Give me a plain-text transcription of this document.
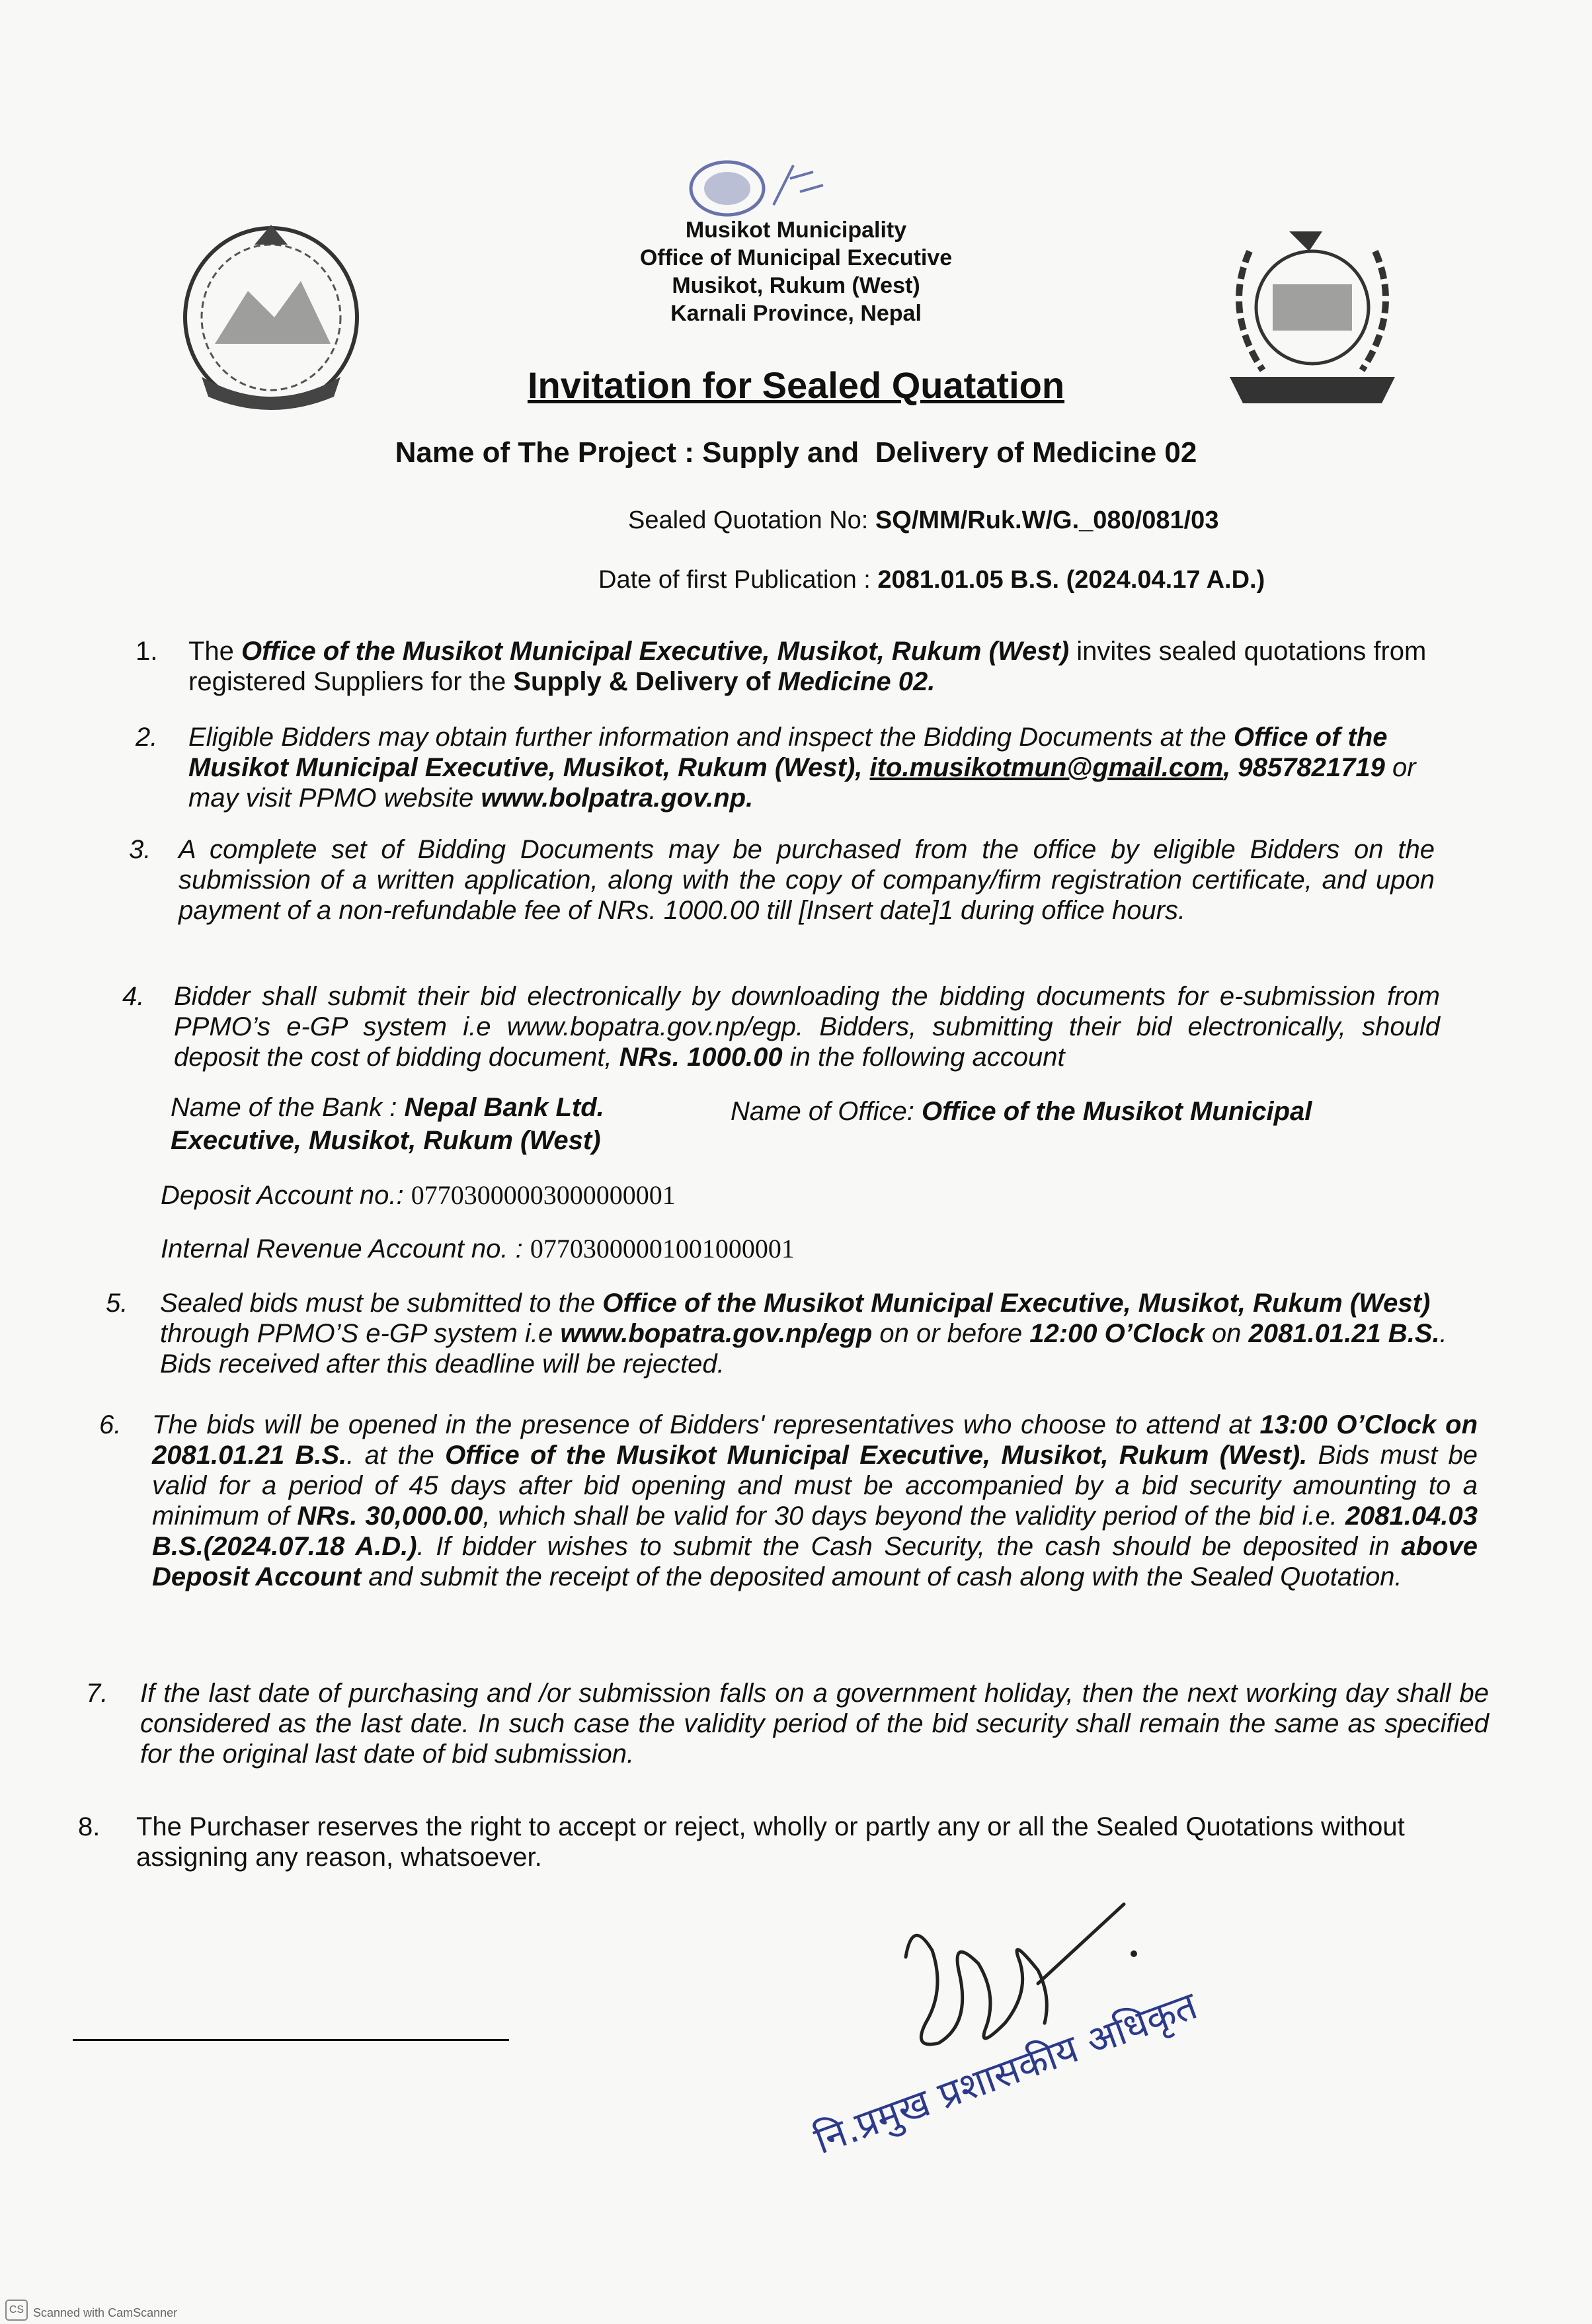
Musikot Municipality
Office of Municipal Executive
Musikot, Rukum (West)
Karnali Province, Nepal
Invitation for Sealed Quatation
Name of The Project : Supply and  Delivery of Medicine 02
Sealed Quotation No: SQ/MM/Ruk.W/G._080/081/03
Date of first Publication : 2081.01.05 B.S. (2024.04.17 A.D.)
1. The Office of the Musikot Municipal Executive, Musikot, Rukum (West) invites sealed quotations from registered Suppliers for the Supply & Delivery of Medicine 02.
2. Eligible Bidders may obtain further information and inspect the Bidding Documents at the Office of the Musikot Municipal Executive, Musikot, Rukum (West), ito.musikotmun@gmail.com, 9857821719 or may visit PPMO website www.bolpatra.gov.np.
3. A complete set of Bidding Documents may be purchased from the office by eligible Bidders on the submission of a written application, along with the copy of company/firm registration certificate, and upon payment of a non-refundable fee of NRs. 1000.00 till [Insert date]1 during office hours.
4. Bidder shall submit their bid electronically by downloading the bidding documents for e-submission from PPMO’s e-GP system i.e www.bopatra.gov.np/egp. Bidders, submitting their bid electronically, should deposit the cost of bidding document, NRs. 1000.00 in the following account
Name of the Bank : Nepal Bank Ltd.	Name of Office: Office of the Musikot Municipal
Executive, Musikot, Rukum (West)
Deposit Account no.: 07703000003000000001
Internal Revenue Account no. : 07703000001001000001
5. Sealed bids must be submitted to the Office of the Musikot Municipal Executive, Musikot, Rukum (West) through PPMO’S e-GP system i.e www.bopatra.gov.np/egp on or before 12:00 O’Clock on 2081.01.21 B.S.. Bids received after this deadline will be rejected.
6. The bids will be opened in the presence of Bidders' representatives who choose to attend at 13:00 O’Clock on 2081.01.21 B.S.. at the Office of the Musikot Municipal Executive, Musikot, Rukum (West). Bids must be valid for a period of 45 days after bid opening and must be accompanied by a bid security amounting to a minimum of NRs. 30,000.00, which shall be valid for 30 days beyond the validity period of the bid i.e. 2081.04.03 B.S.(2024.07.18 A.D.). If bidder wishes to submit the Cash Security, the cash should be deposited in above Deposit Account and submit the receipt of the deposited amount of cash along with the Sealed Quotation.
7. If the last date of purchasing and /or submission falls on a government holiday, then the next working day shall be considered as the last date. In such case the validity period of the bid security shall remain the same as specified for the original last date of bid submission.
8. The Purchaser reserves the right to accept or reject, wholly or partly any or all the Sealed Quotations without assigning any reason, whatsoever.
नि.प्रमुख प्रशासकीय अधिकृत
CS Scanned with CamScanner
